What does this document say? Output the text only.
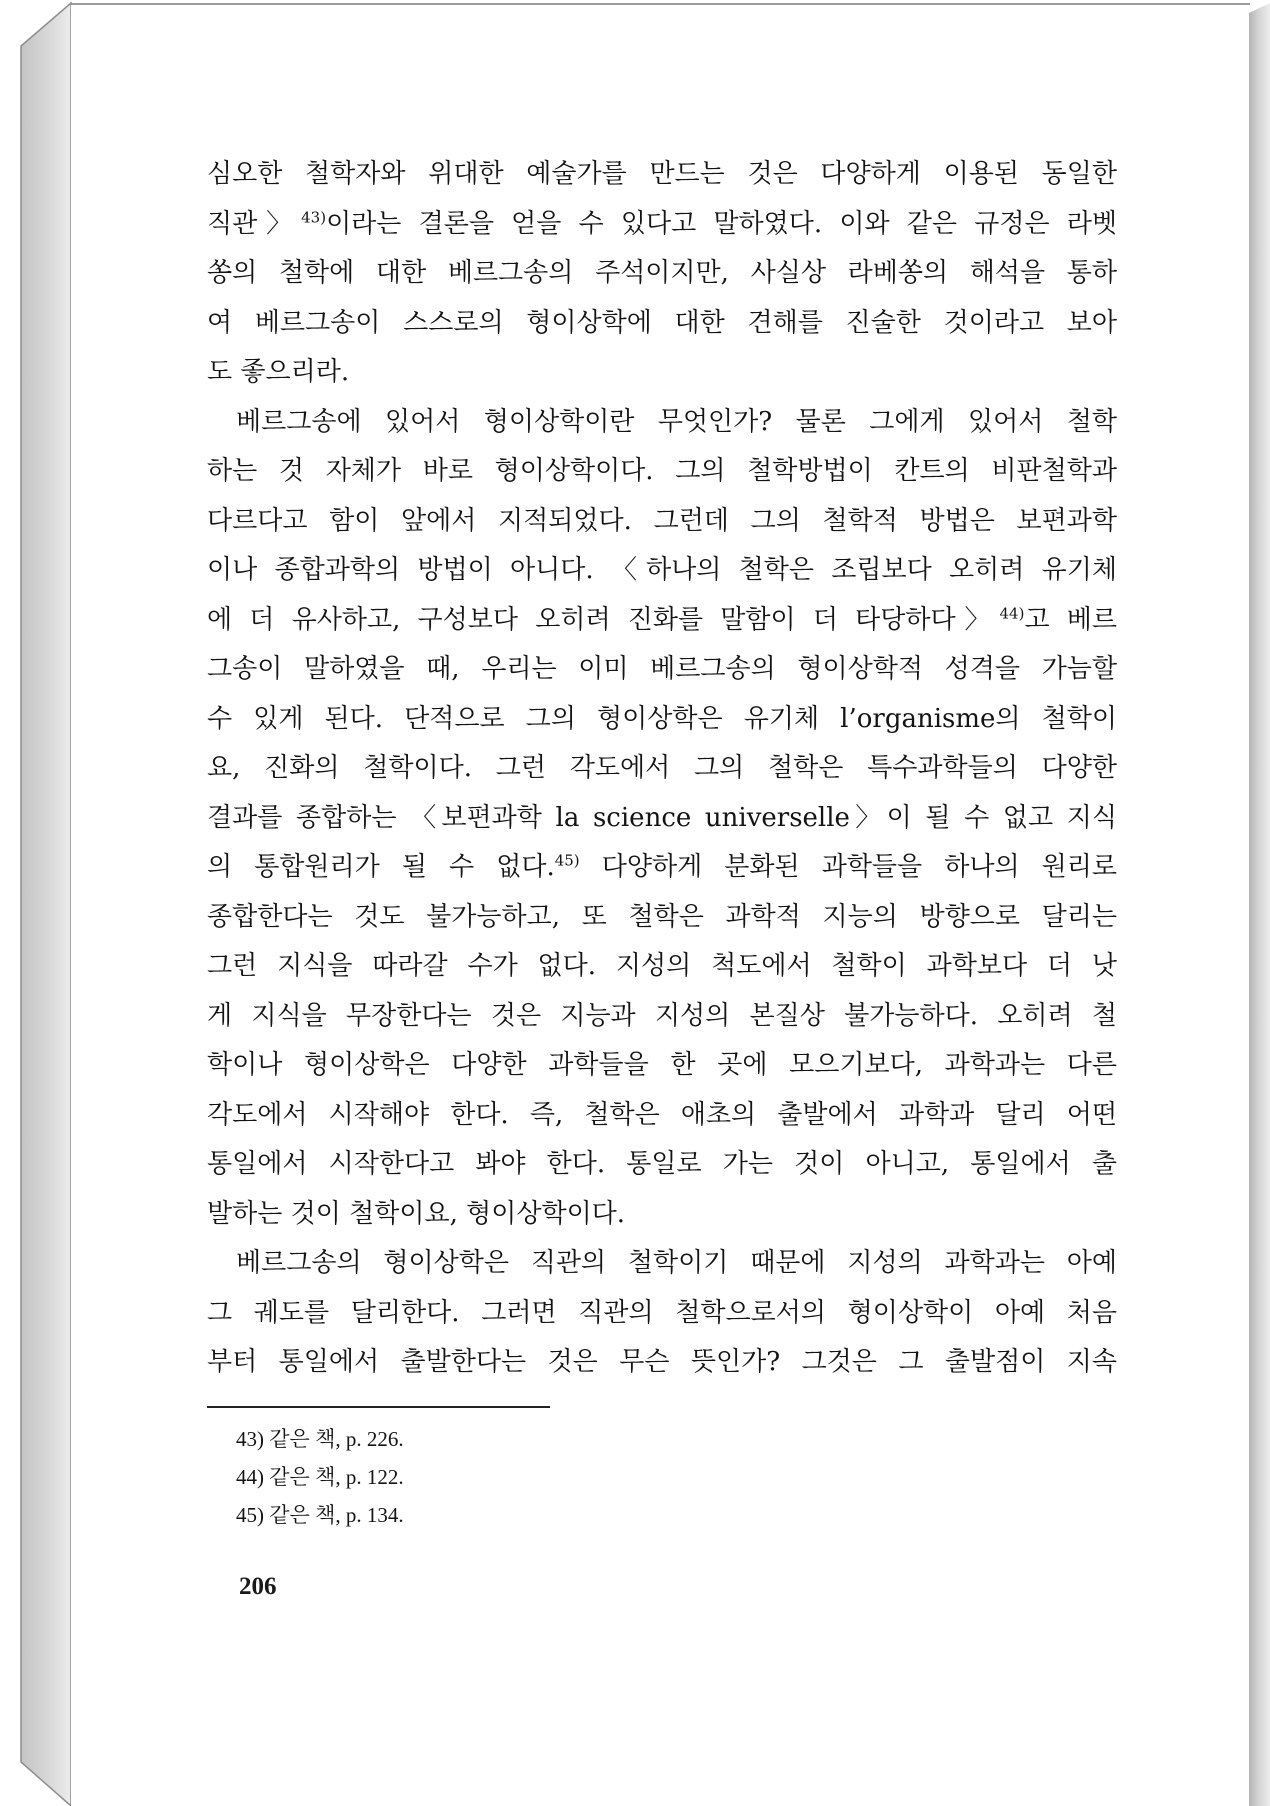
심오한 철학자와 위대한 예술가를 만드는 것은 다양하게 이용된 동일한
직관〉$^{43)}$이라는 결론을 얻을 수 있다고 말하였다. 이와 같은 규정은 라벳
쏭의 철학에 대한 베르그송의 주석이지만, 사실상 라베쏭의 해석을 통하
여 베르그송이 스스로의 형이상학에 대한 견해를 진술한 것이라고 보아
도 좋으리라.
베르그송에 있어서 형이상학이란 무엇인가? 물론 그에게 있어서 철학
하는 것 자체가 바로 형이상학이다. 그의 철학방법이 칸트의 비판철학과
다르다고 함이 앞에서 지적되었다. 그런데 그의 철학적 방법은 보편과학
이나 종합과학의 방법이 아니다. 〈하나의 철학은 조립보다 오히려 유기체
에 더 유사하고, 구성보다 오히려 진화를 말함이 더 타당하다〉$^{44)}$고 베르
그송이 말하였을 때, 우리는 이미 베르그송의 형이상학적 성격을 가늠할
수 있게 된다. 단적으로 그의 형이상학은 유기체 l’organisme의 철학이
요, 진화의 철학이다. 그런 각도에서 그의 철학은 특수과학들의 다양한
결과를 종합하는 〈보편과학 la science universelle〉이 될 수 없고 지식
의 통합원리가 될 수 없다.$^{45)}$ 다양하게 분화된 과학들을 하나의 원리로
종합한다는 것도 불가능하고, 또 철학은 과학적 지능의 방향으로 달리는
그런 지식을 따라갈 수가 없다. 지성의 척도에서 철학이 과학보다 더 낫
게 지식을 무장한다는 것은 지능과 지성의 본질상 불가능하다. 오히려 철
학이나 형이상학은 다양한 과학들을 한 곳에 모으기보다, 과학과는 다른
각도에서 시작해야 한다. 즉, 철학은 애초의 출발에서 과학과 달리 어떤
통일에서 시작한다고 봐야 한다. 통일로 가는 것이 아니고, 통일에서 출
발하는 것이 철학이요, 형이상학이다.
베르그송의 형이상학은 직관의 철학이기 때문에 지성의 과학과는 아예
그 궤도를 달리한다. 그러면 직관의 철학으로서의 형이상학이 아예 처음
부터 통일에서 출발한다는 것은 무슨 뜻인가? 그것은 그 출발점이 지속
43) 같은 책, p. 226.
44) 같은 책, p. 122.
45) 같은 책, p. 134.
206
